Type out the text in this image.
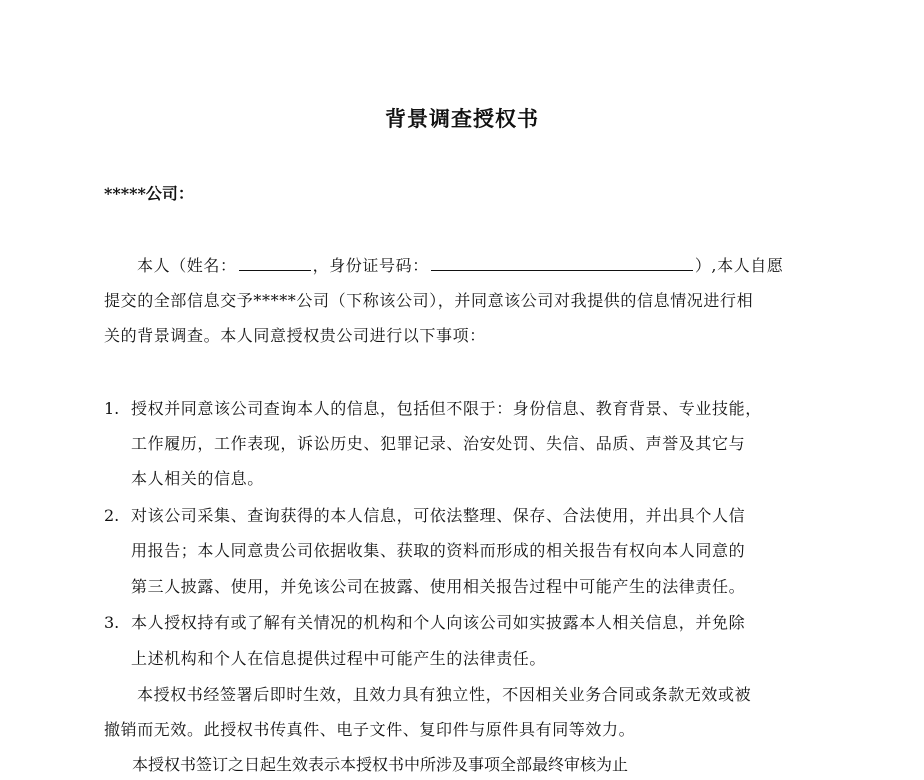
背景调查授权书
*****公司：
本人（姓名：	，身份证号码：	）,本人自愿
提交的全部信息交予*****公司（下称该公司），并同意该公司对我提供的信息情况进行相
关的背景调查。本人同意授权贵公司进行以下事项：
1. 授权并同意该公司查询本人的信息，包括但不限于：身份信息、教育背景、专业技能，
工作履历，工作表现，诉讼历史、犯罪记录、治安处罚、失信、品质、声誉及其它与
本人相关的信息。
2. 对该公司采集、查询获得的本人信息，可依法整理、保存、合法使用，并出具个人信
用报告；本人同意贵公司依据收集、获取的资料而形成的相关报告有权向本人同意的
第三人披露、使用，并免该公司在披露、使用相关报告过程中可能产生的法律责任。
3. 本人授权持有或了解有关情况的机构和个人向该公司如实披露本人相关信息，并免除
上述机构和个人在信息提供过程中可能产生的法律责任。
本授权书经签署后即时生效，且效力具有独立性，不因相关业务合同或条款无效或被
撤销而无效。此授权书传真件、电子文件、复印件与原件具有同等效力。
本授权书签订之日起生效表示本授权书中所涉及事项全部最终审核为止
